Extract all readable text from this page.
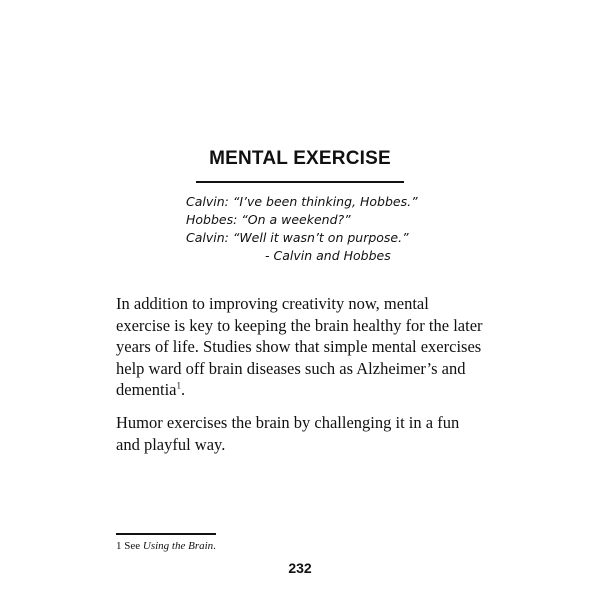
MENTAL EXERCISE
Calvin: “I’ve been thinking, Hobbes.”
Hobbes: “On a weekend?”
Calvin: “Well it wasn’t on purpose.”
- Calvin and Hobbes
In addition to improving creativity now, mental
exercise is key to keeping the brain healthy for the later
years of life. Studies show that simple mental exercises
help ward off brain diseases such as Alzheimer’s and
dementia$^1$.
Humor exercises the brain by challenging it in a fun
and playful way.
1 See Using the Brain.
232
